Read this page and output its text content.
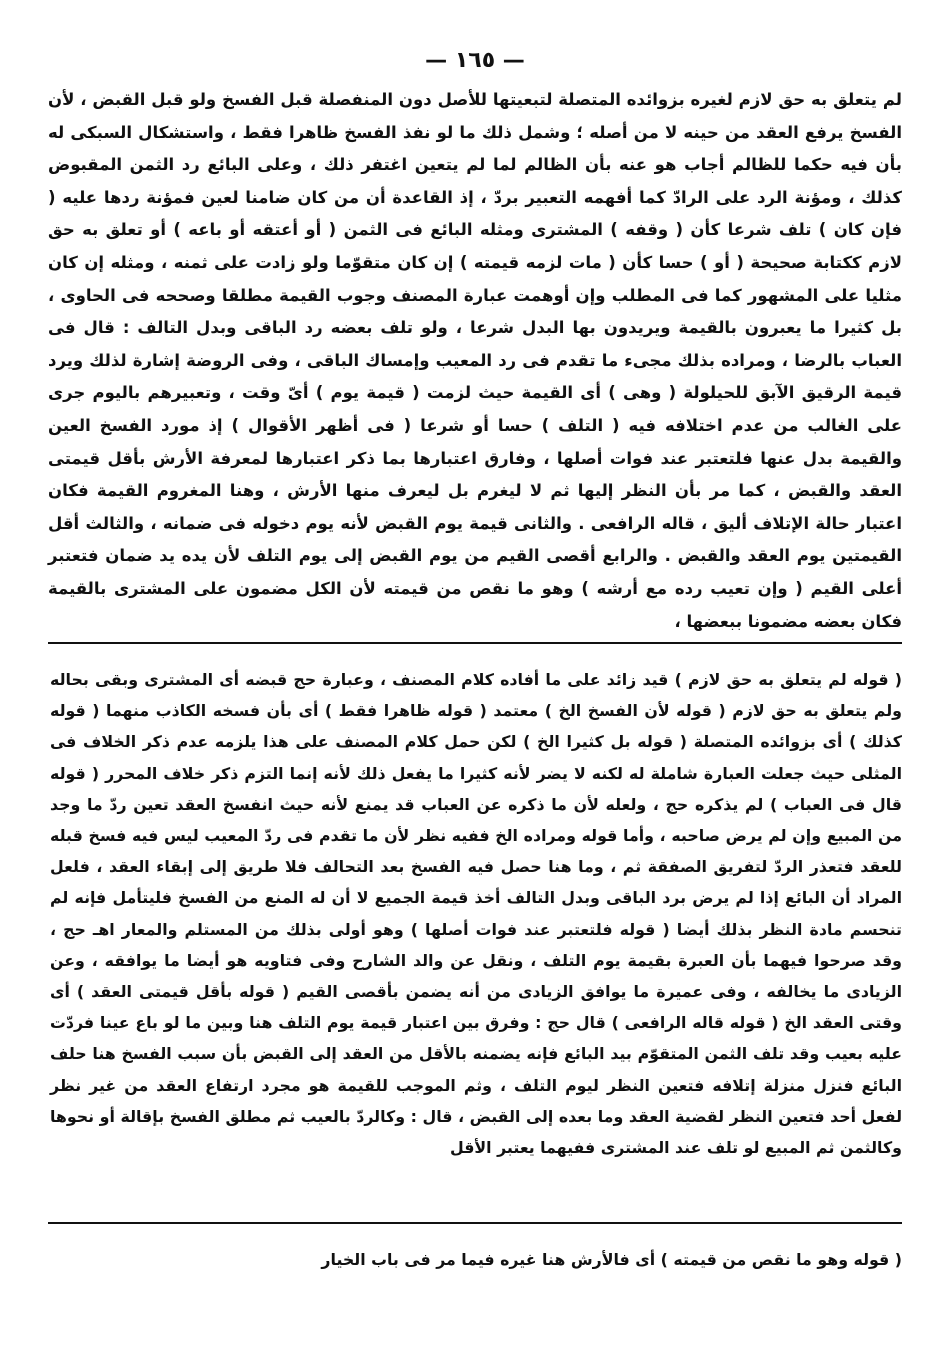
— ١٦٥ —

لم يتعلق به حق لازم لغيره بزوائده المتصلة لتبعيتها للأصل دون المنفصلة قبل الفسخ ولو قبل القبض ، لأن الفسخ يرفع العقد من حينه لا من أصله ؛ وشمل ذلك ما لو نفذ الفسخ ظاهرا فقط ، واستشكال السبكى له بأن فيه حكما للظالم أجاب هو عنه بأن الظالم لما لم يتعين اغتفر ذلك ، وعلى البائع رد الثمن المقبوض كذلك ، ومؤنة الرد على الرادّ كما أفهمه التعبير بردّ ، إذ القاعدة أن من كان ضامنا لعين فمؤنة ردها عليه ( فإن كان ) تلف شرعا كأن ( وقفه ) المشترى ومثله البائع فى الثمن ( أو أعتقه أو باعه ) أو تعلق به حق لازم ككتابة صحيحة ( أو ) حسا كأن ( مات لزمه قيمته ) إن كان متقوّما ولو زادت على ثمنه ، ومثله إن كان مثليا على المشهور كما فى المطلب وإن أوهمت عبارة المصنف وجوب القيمة مطلقا وصححه فى الحاوى ، بل كثيرا ما يعبرون بالقيمة ويريدون بها البدل شرعا ، ولو تلف بعضه رد الباقى وبدل التالف : قال فى العباب بالرضا ، ومراده بذلك مجىء ما تقدم فى رد المعيب وإمساك الباقى ، وفى الروضة إشارة لذلك ويرد قيمة الرقيق الآبق للحيلولة ( وهى ) أى القيمة حيث لزمت ( قيمة يوم ) أىّ وقت ، وتعبيرهم باليوم جرى على الغالب من عدم اختلافه فيه ( التلف ) حسا أو شرعا ( فى أظهر الأقوال ) إذ مورد الفسخ العين والقيمة بدل عنها فلتعتبر عند فوات أصلها ، وفارق اعتبارها بما ذكر اعتبارها لمعرفة الأرش بأقل قيمتى العقد والقبض ، كما مر بأن النظر إليها ثم لا ليغرم بل ليعرف منها الأرش ، وهنا المغروم القيمة فكان اعتبار حالة الإتلاف أليق ، قاله الرافعى . والثانى قيمة يوم القبض لأنه يوم دخوله فى ضمانه ، والثالث أقل القيمتين يوم العقد والقبض . والرابع أقصى القيم من يوم القبض إلى يوم التلف لأن يده يد ضمان فتعتبر أعلى القيم ( وإن تعيب رده مع أرشه ) وهو ما نقص من قيمته لأن الكل مضمون على المشترى بالقيمة فكان بعضه مضمونا ببعضها ،

( قوله لم يتعلق به حق لازم ) قيد زائد على ما أفاده كلام المصنف ، وعبارة حج قبضه أى المشترى وبقى بحاله ولم يتعلق به حق لازم ( قوله لأن الفسخ الخ ) معتمد ( قوله ظاهرا فقط ) أى بأن فسخه الكاذب منهما ( قوله كذلك ) أى بزوائده المتصلة ( قوله بل كثيرا الخ ) لكن حمل كلام المصنف على هذا يلزمه عدم ذكر الخلاف فى المثلى حيث جعلت العبارة شاملة له لكنه لا يضر لأنه كثيرا ما يفعل ذلك لأنه إنما التزم ذكر خلاف المحرر ( قوله قال فى العباب ) لم يذكره حج ، ولعله لأن ما ذكره عن العباب قد يمنع لأنه حيث انفسخ العقد تعين ردّ ما وجد من المبيع وإن لم يرض صاحبه ، وأما قوله ومراده الخ ففيه نظر لأن ما تقدم فى ردّ المعيب ليس فيه فسخ قبله للعقد فتعذر الردّ لتفريق الصفقة ثم ، وما هنا حصل فيه الفسخ بعد التحالف فلا طريق إلى إبقاء العقد ، فلعل المراد أن البائع إذا لم يرض برد الباقى وبدل التالف أخذ قيمة الجميع لا أن له المنع من الفسخ فليتأمل فإنه لم تنحسم مادة النظر بذلك أيضا ( قوله فلتعتبر عند فوات أصلها ) وهو أولى بذلك من المستلم والمعار اهـ حج ، وقد صرحوا فيهما بأن العبرة بقيمة يوم التلف ، ونقل عن والد الشارح وفى فتاويه هو أيضا ما يوافقه ، وعن الزيادى ما يخالفه ، وفى عميرة ما يوافق الزيادى من أنه يضمن بأقصى القيم ( قوله بأقل قيمتى العقد ) أى وقتى العقد الخ ( قوله قاله الرافعى ) قال حج : وفرق بين اعتبار قيمة يوم التلف هنا وبين ما لو باع عينا فردّت عليه بعيب وقد تلف الثمن المتقوّم بيد البائع فإنه يضمنه بالأقل من العقد إلى القبض بأن سبب الفسخ هنا حلف البائع فنزل منزلة إتلافه فتعين النظر ليوم التلف ، وثم الموجب للقيمة هو مجرد ارتفاع العقد من غير نظر لفعل أحد فتعين النظر لقضية العقد وما بعده إلى القبض ، قال : وكالردّ بالعيب ثم مطلق الفسخ بإقالة أو نحوها وكالثمن ثم المبيع لو تلف عند المشترى ففيهما يعتبر الأقل

( قوله وهو ما نقص من قيمته ) أى فالأرش هنا غيره فيما مر فى باب الخيار
